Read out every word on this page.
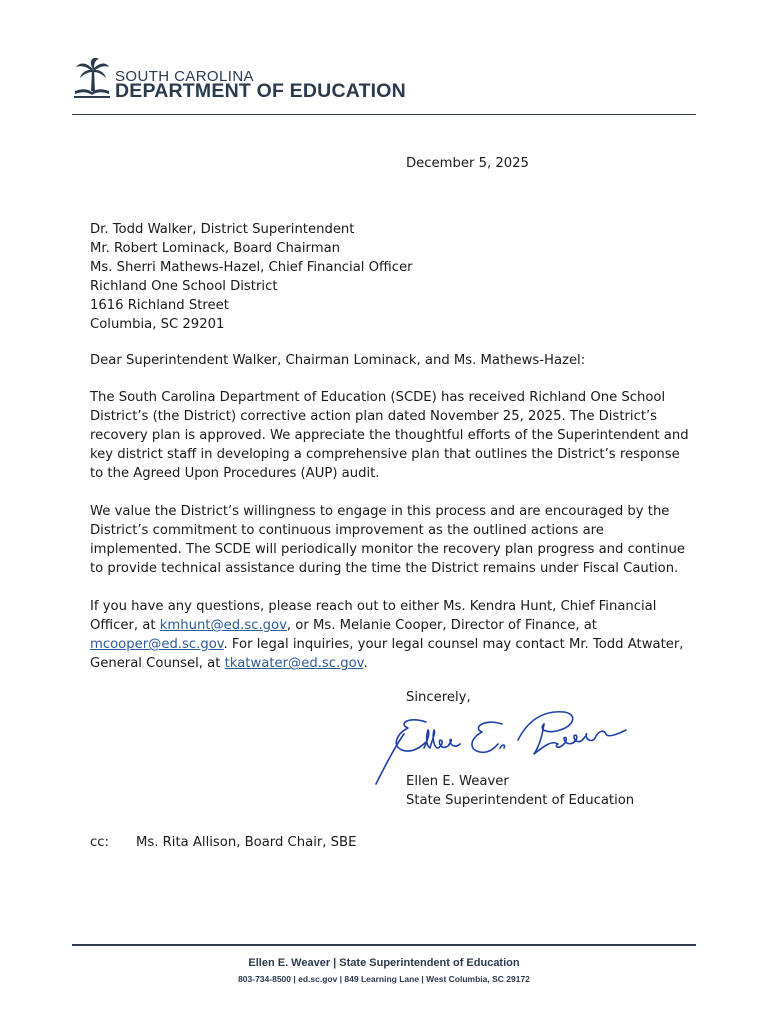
SOUTH CAROLINA
DEPARTMENT OF EDUCATION
December 5, 2025
Dr. Todd Walker, District Superintendent
Mr. Robert Lominack, Board Chairman
Ms. Sherri Mathews-Hazel, Chief Financial Officer
Richland One School District
1616 Richland Street
Columbia, SC 29201
Dear Superintendent Walker, Chairman Lominack, and Ms. Mathews-Hazel:
The South Carolina Department of Education (SCDE) has received Richland One School
District’s (the District) corrective action plan dated November 25, 2025. The District’s
recovery plan is approved. We appreciate the thoughtful efforts of the Superintendent and
key district staff in developing a comprehensive plan that outlines the District’s response
to the Agreed Upon Procedures (AUP) audit.
We value the District’s willingness to engage in this process and are encouraged by the
District’s commitment to continuous improvement as the outlined actions are
implemented. The SCDE will periodically monitor the recovery plan progress and continue
to provide technical assistance during the time the District remains under Fiscal Caution.
If you have any questions, please reach out to either Ms. Kendra Hunt, Chief Financial
Officer, at kmhunt@ed.sc.gov, or Ms. Melanie Cooper, Director of Finance, at
mcooper@ed.sc.gov. For legal inquiries, your legal counsel may contact Mr. Todd Atwater,
General Counsel, at tkatwater@ed.sc.gov.
Sincerely,
Ellen E. Weaver
State Superintendent of Education
cc: Ms. Rita Allison, Board Chair, SBE
Ellen E. Weaver | State Superintendent of Education
803-734-8500 | ed.sc.gov | 849 Learning Lane | West Columbia, SC 29172
